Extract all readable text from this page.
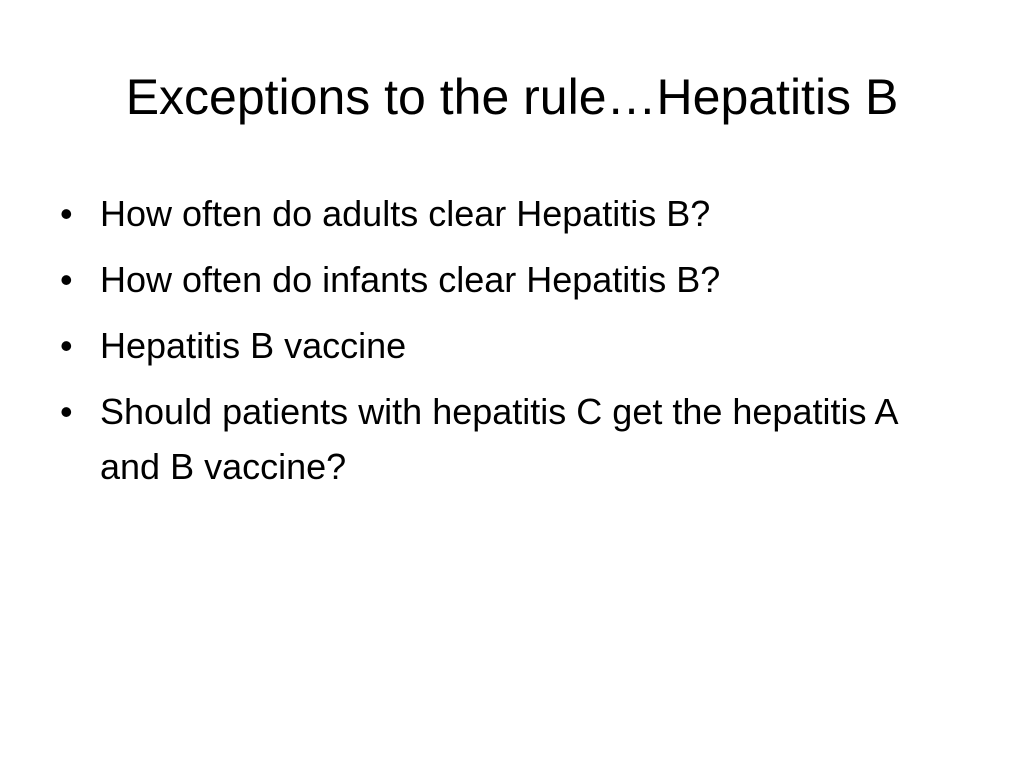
Exceptions to the rule…Hepatitis B
• How often do adults clear Hepatitis B?
• How often do infants clear Hepatitis B?
• Hepatitis B vaccine
• Should patients with hepatitis C get the hepatitis A and B vaccine?
